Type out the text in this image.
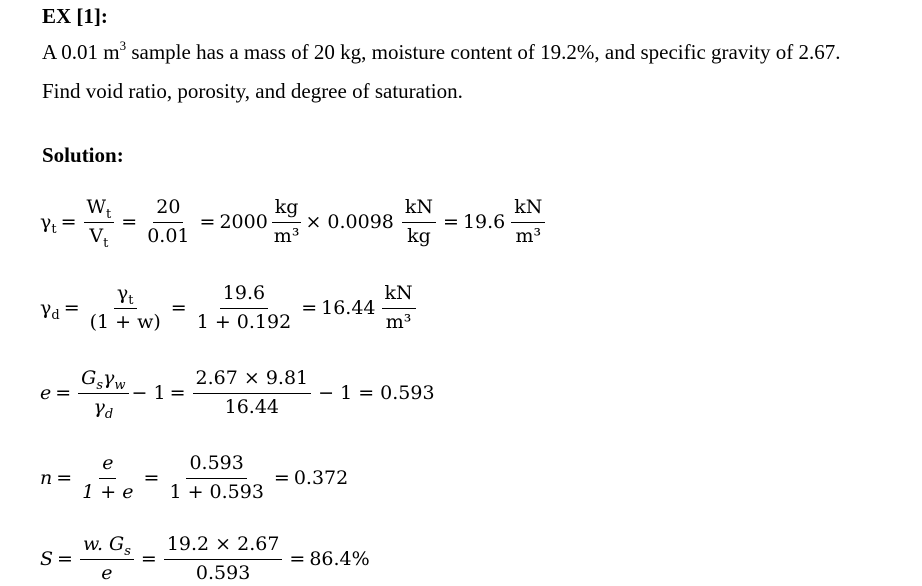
EX [1]:
A 0.01 $m^3$ sample has a mass of 20 kg, moisture content of 19.2%, and specific gravity of 2.67.
Find void ratio, porosity, and degree of saturation.
Solution:
$\gamma_t = \frac{W_t}{V_t} = \frac{20}{0.01} = 2000 \frac{kg}{\text{m³}} \times 0.0098 \frac{kN}{kg} = 19.6 \frac{kN}{\text{m³}}$
$\gamma_d = \frac{\gamma_t}{(1 + w)} = \frac{19.6}{1 + 0.192} = 16.44 \frac{kN}{\text{m³}}$
$e = \frac{G_s\gamma_w}{\gamma_d} - 1 = \frac{2.67 \times 9.81}{16.44} - 1 = 0.593$
$n = \frac{e}{1 + e} = \frac{0.593}{1 + 0.593} = 0.372$
$S = \frac{w. G_s}{e} = \frac{19.2 \times 2.67}{0.593} = 86.4\%$
